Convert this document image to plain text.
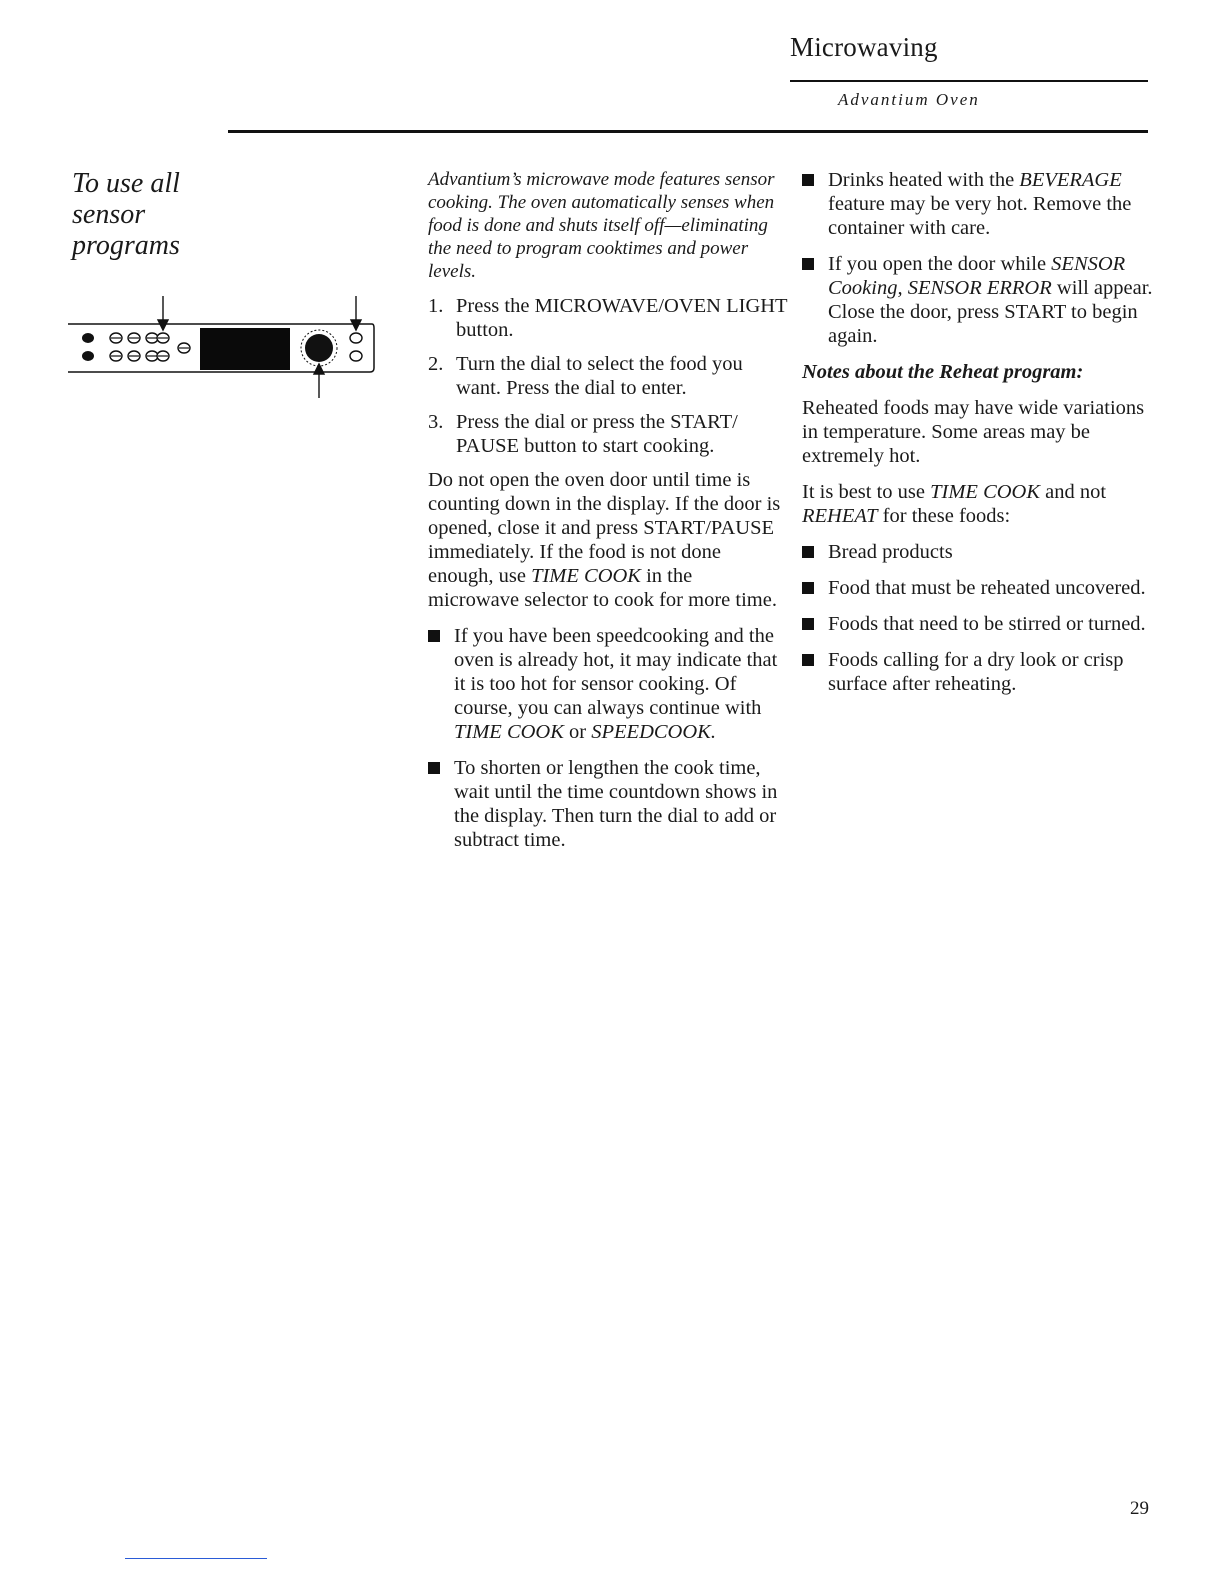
Microwaving
Advantium Oven
To use all
sensor
programs
Advantium’s microwave mode features sensor cooking. The oven automatically senses when food is done and shuts itself off—eliminating the need to program cooktimes and power levels.
1. Press the MICROWAVE/OVEN LIGHT button.
2. Turn the dial to select the food you want. Press the dial to enter.
3. Press the dial or press the START/ PAUSE button to start cooking.
Do not open the oven door until time is counting down in the display. If the door is opened, close it and press START/PAUSE immediately. If the food is not done enough, use TIME COOK in the microwave selector to cook for more time.
If you have been speedcooking and the oven is already hot, it may indicate that it is too hot for sensor cooking. Of course, you can always continue with TIME COOK or SPEEDCOOK.
To shorten or lengthen the cook time, wait until the time countdown shows in the display. Then turn the dial to add or subtract time.
Drinks heated with the BEVERAGE feature may be very hot. Remove the container with care.
If you open the door while SENSOR Cooking, SENSOR ERROR will appear. Close the door, press START to begin again.
Notes about the Reheat program:
Reheated foods may have wide variations in temperature. Some areas may be extremely hot.
It is best to use TIME COOK and not REHEAT for these foods:
Bread products
Food that must be reheated uncovered.
Foods that need to be stirred or turned.
Foods calling for a dry look or crisp surface after reheating.
29
